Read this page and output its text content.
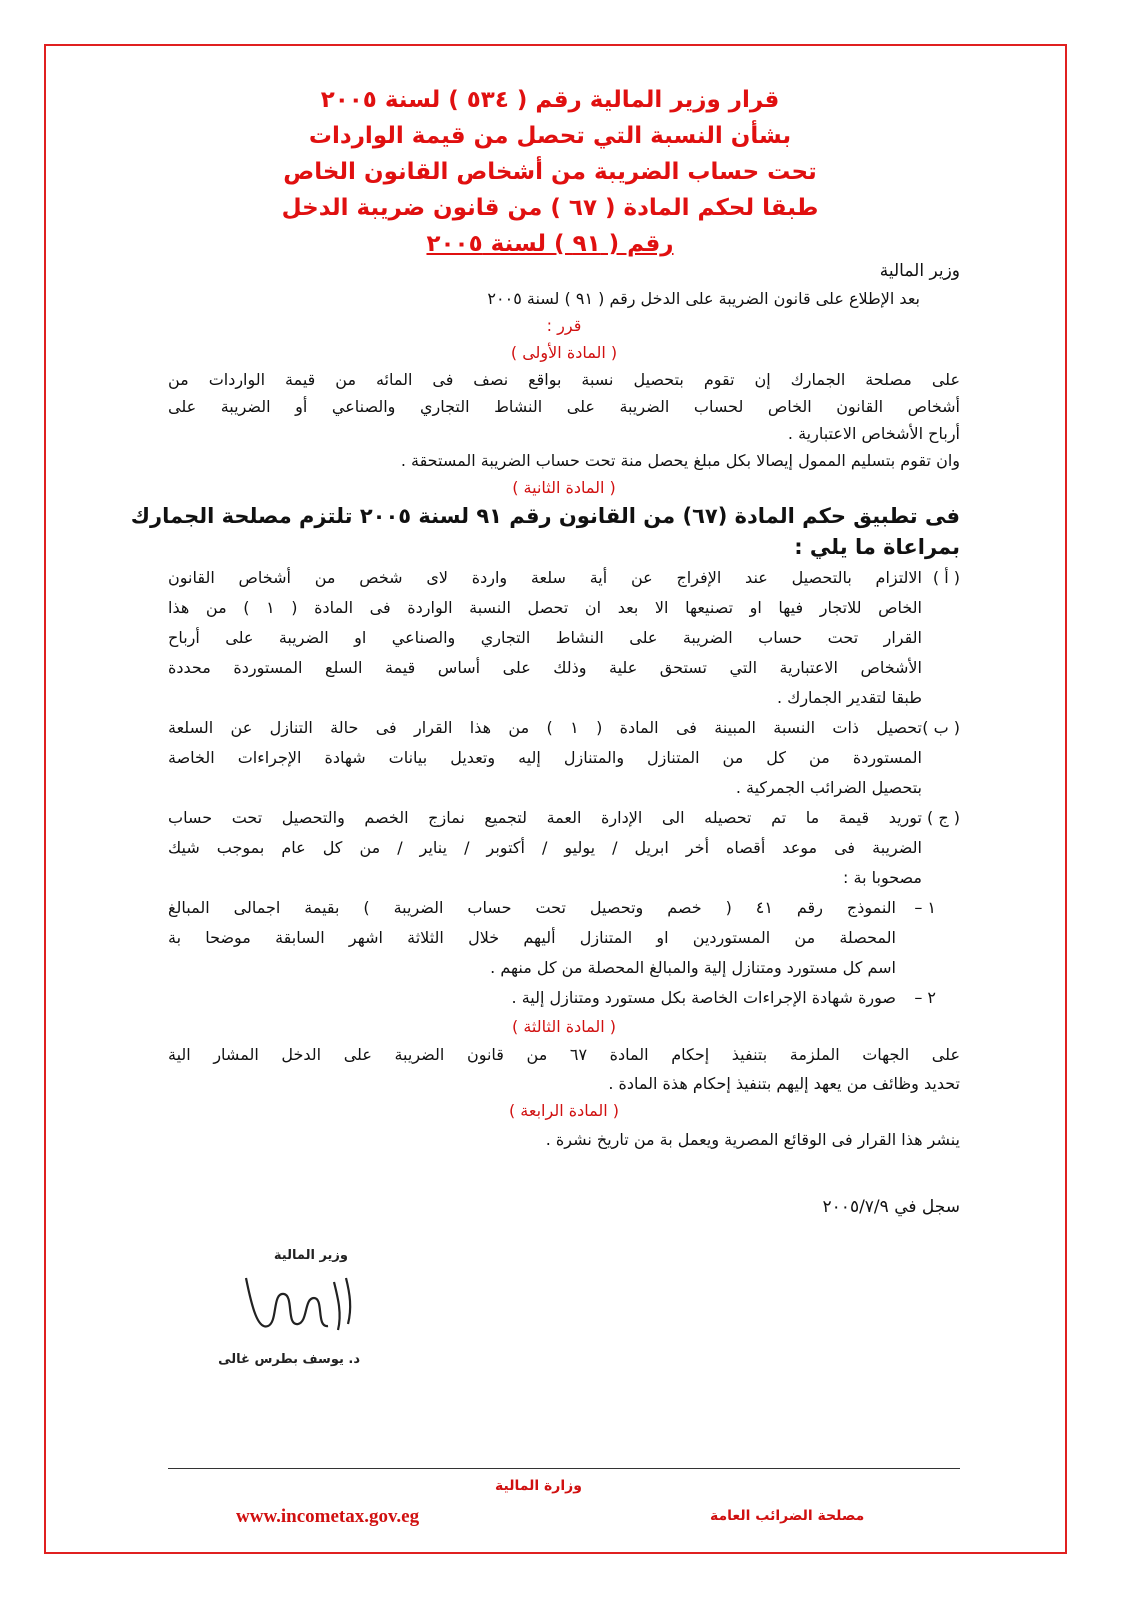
قرار وزير المالية رقم ( ٥٣٤ ) لسنة ٢٠٠٥
بشأن النسبة التي تحصل من قيمة الواردات
تحت حساب الضريبة من أشخاص القانون الخاص
طبقا لحكم المادة ( ٦٧ ) من قانون ضريبة الدخل
رقم ( ٩١ ) لسنة ٢٠٠٥
وزير المالية
بعد الإطلاع على قانون الضريبة على الدخل رقم ( ٩١ ) لسنة ٢٠٠٥
قرر :
( المادة الأولى )
على مصلحة الجمارك إن تقوم بتحصيل نسبة بواقع نصف فى المائه من قيمة الواردات من
أشخاص القانون الخاص لحساب الضريبة على النشاط التجاري والصناعي أو الضريبة على
أرباح الأشخاص الاعتبارية .
وان تقوم بتسليم الممول إيصالا بكل مبلغ يحصل منة تحت حساب الضريبة المستحقة .
( المادة الثانية )
فى تطبيق حكم المادة (٦٧) من القانون رقم ٩١ لسنة ٢٠٠٥ تلتزم مصلحة الجمارك
بمراعاة ما يلي :
( أ )
الالتزام بالتحصيل عند الإفراج عن أية سلعة واردة لاى شخص من أشخاص القانون
الخاص للاتجار فيها او تصنيعها الا بعد ان تحصل النسبة الواردة فى المادة ( ١ ) من هذا
القرار تحت حساب الضريبة على النشاط التجاري والصناعي او الضريبة على أرباح
الأشخاص الاعتبارية التي تستحق علية وذلك على أساس قيمة السلع المستوردة محددة
طبقا لتقدير الجمارك .
( ب )
تحصيل ذات النسبة المبينة فى المادة ( ١ ) من هذا القرار فى حالة التنازل عن السلعة
المستوردة من كل من المتنازل والمتنازل إليه وتعديل بيانات شهادة الإجراءات الخاصة
بتحصيل الضرائب الجمركية .
( ج )
توريد قيمة ما تم تحصيله الى الإدارة العمة لتجميع نمازج الخصم والتحصيل تحت حساب
الضريبة فى موعد أقصاه أخر ابريل / يوليو / أكتوبر / يناير / من كل عام بموجب شيك
مصحوبا بة :
١ –
النموذج رقم ٤١ ( خصم وتحصيل تحت حساب الضريبة ) بقيمة اجمالى المبالغ
المحصلة من المستوردين او المتنازل أليهم خلال الثلاثة اشهر السابقة موضحا بة
اسم كل مستورد ومتنازل إلية والمبالغ المحصلة من كل منهم .
٢ –
صورة شهادة الإجراءات الخاصة بكل مستورد ومتنازل إلية .
( المادة الثالثة )
على الجهات الملزمة بتنفيذ إحكام المادة ٦٧ من قانون الضريبة على الدخل المشار الية
تحديد وظائف من يعهد إليهم بتنفيذ إحكام هذة المادة .
( المادة الرابعة )
ينشر هذا القرار فى الوقائع المصرية ويعمل بة من تاريخ نشرة .
سجل في ٢٠٠٥/٧/٩
وزير المالية
د. يوسف بطرس غالى
وزارة المالية
مصلحة الضرائب العامة
www.incometax.gov.eg
